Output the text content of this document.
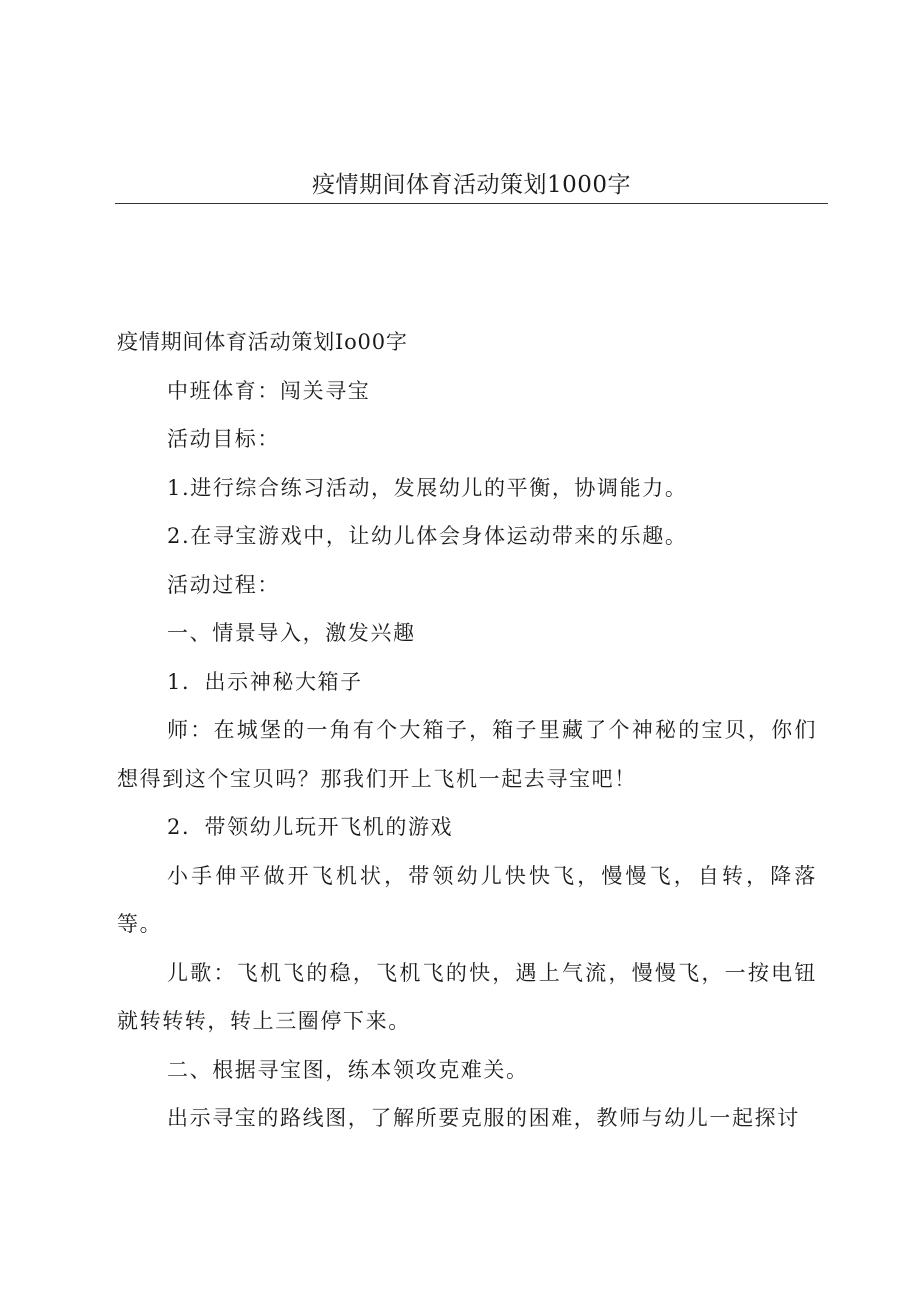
疫情期间体育活动策划1000字

疫情期间体育活动策划Io00字

中班体育：闯关寻宝

活动目标：

1.进行综合练习活动，发展幼儿的平衡，协调能力。

2.在寻宝游戏中，让幼儿体会身体运动带来的乐趣。

活动过程：

一、情景导入，激发兴趣

1．出示神秘大箱子

师：在城堡的一角有个大箱子，箱子里藏了个神秘的宝贝，你们想得到这个宝贝吗？那我们开上飞机一起去寻宝吧！

2．带领幼儿玩开飞机的游戏

小手伸平做开飞机状，带领幼儿快快飞，慢慢飞，自转，降落等。

儿歌：飞机飞的稳，飞机飞的快，遇上气流，慢慢飞，一按电钮就转转转，转上三圈停下来。

二、根据寻宝图，练本领攻克难关。

出示寻宝的路线图，了解所要克服的困难，教师与幼儿一起探讨
